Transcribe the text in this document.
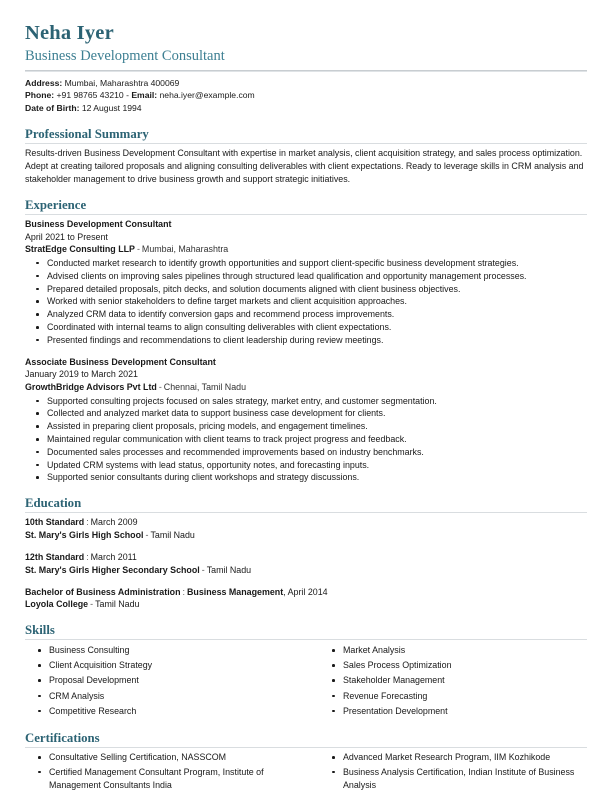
Neha Iyer
Business Development Consultant
Address: Mumbai, Maharashtra 400069
Phone: +91 98765 43210 - Email: neha.iyer@example.com
Date of Birth: 12 August 1994
Professional Summary
Results-driven Business Development Consultant with expertise in market analysis, client acquisition strategy, and sales process optimization. Adept at creating tailored proposals and aligning consulting deliverables with client expectations. Ready to leverage skills in CRM analysis and stakeholder management to drive business growth and support strategic initiatives.
Experience
Business Development Consultant
April 2021 to Present
StratEdge Consulting LLP - Mumbai, Maharashtra
Conducted market research to identify growth opportunities and support client-specific business development strategies.
Advised clients on improving sales pipelines through structured lead qualification and opportunity management processes.
Prepared detailed proposals, pitch decks, and solution documents aligned with client business objectives.
Worked with senior stakeholders to define target markets and client acquisition approaches.
Analyzed CRM data to identify conversion gaps and recommend process improvements.
Coordinated with internal teams to align consulting deliverables with client expectations.
Presented findings and recommendations to client leadership during review meetings.
Associate Business Development Consultant
January 2019 to March 2021
GrowthBridge Advisors Pvt Ltd - Chennai, Tamil Nadu
Supported consulting projects focused on sales strategy, market entry, and customer segmentation.
Collected and analyzed market data to support business case development for clients.
Assisted in preparing client proposals, pricing models, and engagement timelines.
Maintained regular communication with client teams to track project progress and feedback.
Documented sales processes and recommended improvements based on industry benchmarks.
Updated CRM systems with lead status, opportunity notes, and forecasting inputs.
Supported senior consultants during client workshops and strategy discussions.
Education
10th Standard : March 2009
St. Mary's Girls High School - Tamil Nadu
12th Standard : March 2011
St. Mary's Girls Higher Secondary School - Tamil Nadu
Bachelor of Business Administration : Business Management, April 2014
Loyola College - Tamil Nadu
Skills
Business Consulting
Client Acquisition Strategy
Proposal Development
CRM Analysis
Competitive Research
Market Analysis
Sales Process Optimization
Stakeholder Management
Revenue Forecasting
Presentation Development
Certifications
Consultative Selling Certification, NASSCOM
Certified Management Consultant Program, Institute of Management Consultants India
Advanced Market Research Program, IIM Kozhikode
Business Analysis Certification, Indian Institute of Business Analysis
